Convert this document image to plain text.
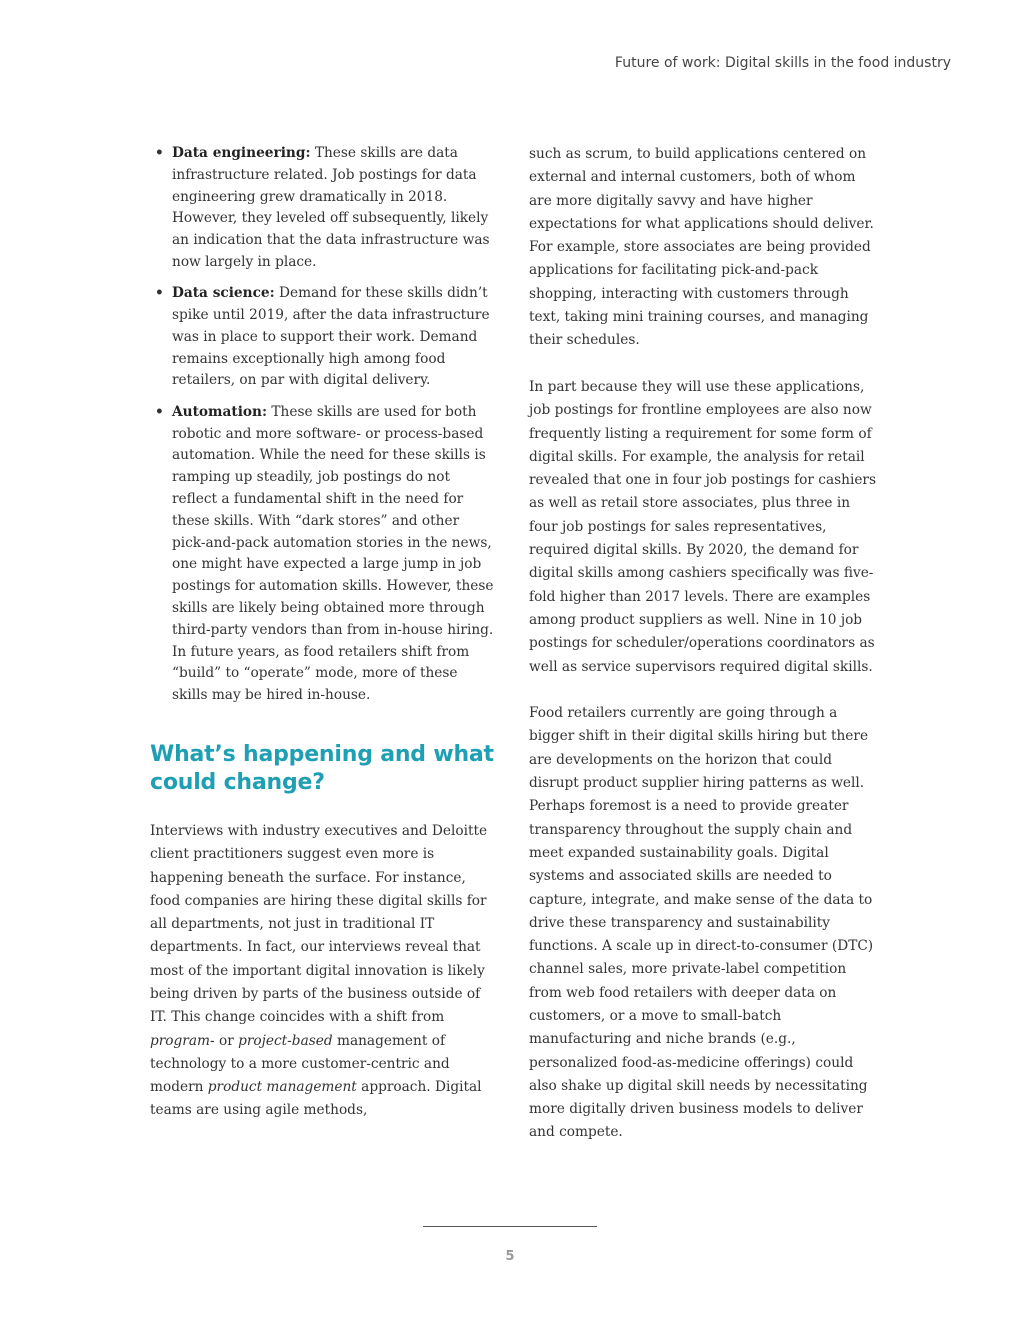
Future of work: Digital skills in the food industry
• Data engineering: These skills are data infrastructure related. Job postings for data engineering grew dramatically in 2018. However, they leveled off subsequently, likely an indication that the data infrastructure was now largely in place.
• Data science: Demand for these skills didn’t spike until 2019, after the data infrastructure was in place to support their work. Demand remains exceptionally high among food retailers, on par with digital delivery.
• Automation: These skills are used for both robotic and more software- or process-based automation. While the need for these skills is ramping up steadily, job postings do not reflect a fundamental shift in the need for these skills. With “dark stores” and other pick-and-pack automation stories in the news, one might have expected a large jump in job postings for automation skills. However, these skills are likely being obtained more through third-party vendors than from in-house hiring. In future years, as food retailers shift from “build” to “operate” mode, more of these skills may be hired in-house.
What’s happening and what could change?

Interviews with industry executives and Deloitte client practitioners suggest even more is happening beneath the surface. For instance, food companies are hiring these digital skills for all departments, not just in traditional IT departments. In fact, our interviews reveal that most of the important digital innovation is likely being driven by parts of the business outside of IT. This change coincides with a shift from program- or project-based management of technology to a more customer-centric and modern product management approach. Digital teams are using agile methods,

such as scrum, to build applications centered on external and internal customers, both of whom are more digitally savvy and have higher expectations for what applications should deliver. For example, store associates are being provided applications for facilitating pick-and-pack shopping, interacting with customers through text, taking mini training courses, and managing their schedules.

In part because they will use these applications, job postings for frontline employees are also now frequently listing a requirement for some form of digital skills. For example, the analysis for retail revealed that one in four job postings for cashiers as well as retail store associates, plus three in four job postings for sales representatives, required digital skills. By 2020, the demand for digital skills among cashiers specifically was five-fold higher than 2017 levels. There are examples among product suppliers as well. Nine in 10 job postings for scheduler/operations coordinators as well as service supervisors required digital skills.

Food retailers currently are going through a bigger shift in their digital skills hiring but there are developments on the horizon that could disrupt product supplier hiring patterns as well. Perhaps foremost is a need to provide greater transparency throughout the supply chain and meet expanded sustainability goals. Digital systems and associated skills are needed to capture, integrate, and make sense of the data to drive these transparency and sustainability functions. A scale up in direct-to-consumer (DTC) channel sales, more private-label competition from web food retailers with deeper data on customers, or a move to small-batch manufacturing and niche brands (e.g., personalized food-as-medicine offerings) could also shake up digital skill needs by necessitating more digitally driven business models to deliver and compete.

5
